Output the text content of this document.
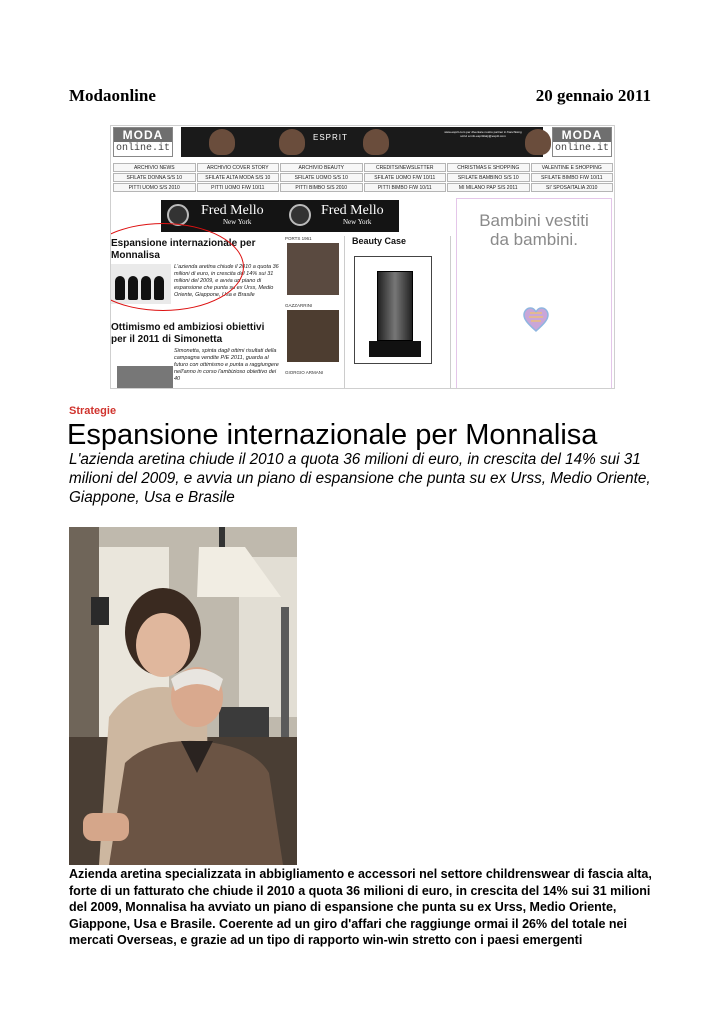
Modaonline	20 gennaio 2011
MODA
online.it
ESPRIT
www.esprit.com per diventare nostro partner in franchising scrivi a info.esprititaly@esprit.com	MODA
online.it
ARCHIVIO NEWS	ARCHIVIO COVER STORY	ARCHIVIO BEAUTY	CREDITS/NEWSLETTER	CHRISTMAS E SHOPPING	VALENTINE E SHOPPING
SFILATE DONNA S/S 10	SFILATE ALTA MODA S/S 10	SFILATE UOMO S/S 10	SFILATE UOMO F/W 10/11	SFILATE BAMBINO S/S 10	SFILATE BIMBO F/W 10/11
PITTI UOMO S/S 2010	PITTI UOMO F/W 10/11	PITTI BIMBO S/S 2010	PITTI BIMBO F/W 10/11	MI MILANO PAP S/S 2011	SI' SPOSAITALIA 2010
Fred Mello
New York
Fred Mello
New York
Espansione internazionale per Monnalisa
L'azienda aretina chiude il 2010 a quota 36 milioni di euro, in crescita del 14% sui 31 milioni del 2009, e avvia un piano di espansione che punta su ex Urss, Medio Oriente, Giappone, Usa e Brasile
Ottimismo ed ambiziosi obiettivi per il 2011 di Simonetta
Simonetta, spinta dagli ottimi risultati della campagna vendite P/E 2011, guarda al futuro con ottimismo e punta a raggiungere nell'anno in corso l'ambizioso obiettivo dei 40
PORTS 1961
GAZZARRINI
GIORGIO ARMANI
Beauty Case
Bambini vestiti
da bambini.
Strategie
Espansione internazionale per Monnalisa
L'azienda aretina chiude il 2010 a quota 36 milioni di euro, in crescita del 14% sui 31 milioni del 2009, e avvia un piano di espansione che punta su ex Urss, Medio Oriente, Giappone, Usa e Brasile
Azienda aretina specializzata in abbigliamento e accessori nel settore childrenswear di fascia alta, forte di un fatturato che chiude il 2010 a quota 36 milioni di euro, in crescita del 14% sui 31 milioni del 2009, Monnalisa ha avviato un piano di espansione che punta su ex Urss, Medio Oriente, Giappone, Usa e Brasile. Coerente ad un giro d'affari che raggiunge ormai il 26% del totale nei mercati Overseas, e grazie ad un tipo di rapporto win-win stretto con i paesi emergenti
